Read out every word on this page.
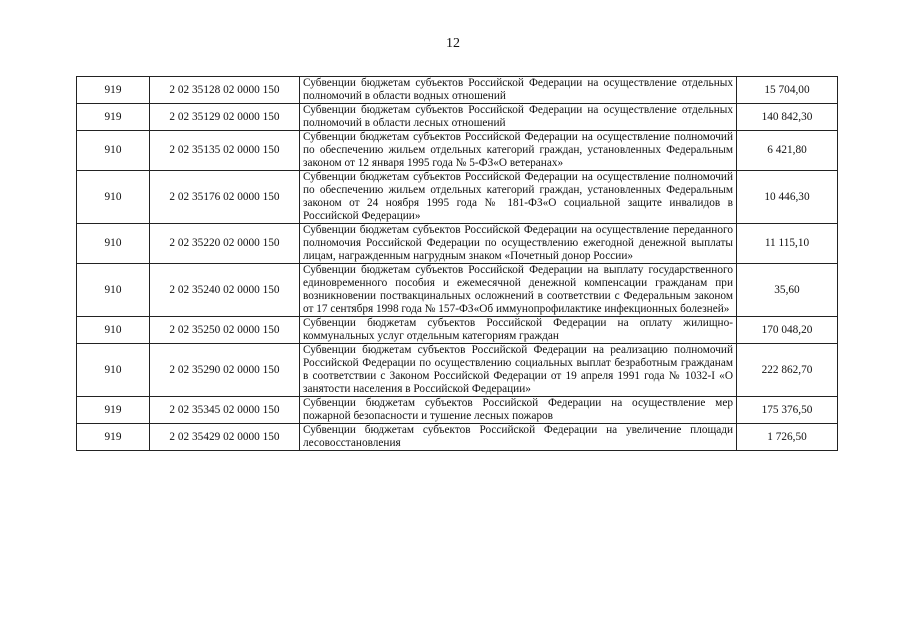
12
919	2 02 35128 02 0000 150	Субвенции бюджетам субъектов Российской Федерации на осуществление отдельных полномочий в области водных отношений	15 704,00
919	2 02 35129 02 0000 150	Субвенции бюджетам субъектов Российской Федерации на осуществление отдельных полномочий в области лесных отношений	140 842,30
910	2 02 35135 02 0000 150	Субвенции бюджетам субъектов Российской Федерации на осуществление полномочий по обеспечению жильем отдельных категорий граждан, установленных Федеральным законом от 12 января 1995 года № 5-ФЗ«О ветеранах»	6 421,80
910	2 02 35176 02 0000 150	Субвенции бюджетам субъектов Российской Федерации на осуществление полномочий по обеспечению жильем отдельных категорий граждан, установленных Федеральным законом от 24 ноября 1995 года № 181-ФЗ«О социальной защите инвалидов в Российской Федерации»	10 446,30
910	2 02 35220 02 0000 150	Субвенции бюджетам субъектов Российской Федерации на осуществление переданного полномочия Российской Федерации по осуществлению ежегодной денежной выплаты лицам, награжденным нагрудным знаком «Почетный донор России»	11 115,10
910	2 02 35240 02 0000 150	Субвенции бюджетам субъектов Российской Федерации на выплату государственного единовременного пособия и ежемесячной денежной компенсации гражданам при возникновении поствакцинальных осложнений в соответствии с Федеральным законом от 17 сентября 1998 года № 157-ФЗ«Об иммунопрофилактике инфекционных болезней»	35,60
910	2 02 35250 02 0000 150	Субвенции бюджетам субъектов Российской Федерации на оплату жилищно-коммунальных услуг отдельным категориям граждан	170 048,20
910	2 02 35290 02 0000 150	Субвенции бюджетам субъектов Российской Федерации на реализацию полномочий Российской Федерации по осуществлению социальных выплат безработным гражданам в соответствии с Законом Российской Федерации от 19 апреля 1991 года № 1032-I «О занятости населения в Российской Федерации»	222 862,70
919	2 02 35345 02 0000 150	Субвенции бюджетам субъектов Российской Федерации на осуществление мер пожарной безопасности и тушение лесных пожаров	175 376,50
919	2 02 35429 02 0000 150	Субвенции бюджетам субъектов Российской Федерации на увеличение площади лесовосстановления	1 726,50
